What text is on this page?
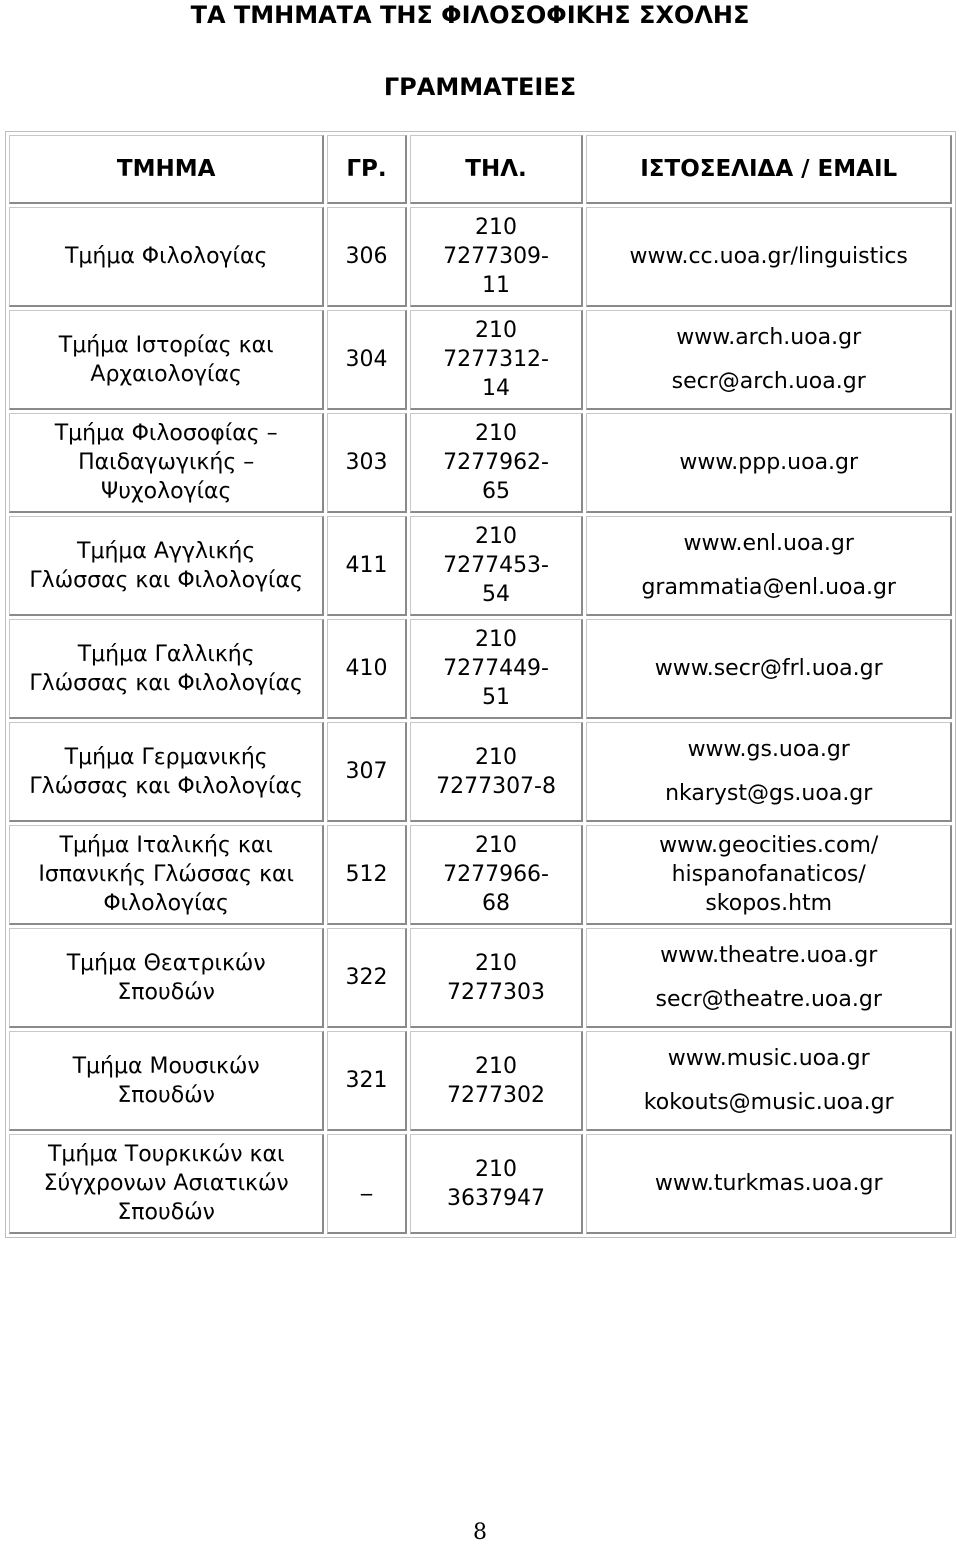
ΤΑ ΤΜΗΜΑΤΑ ΤΗΣ ΦΙΛΟΣΟΦΙΚΗΣ ΣΧΟΛΗΣ
ΓΡΑΜΜΑΤΕΙΕΣ
ΤΜΗΜΑ	ΓΡ.	ΤΗΛ.	ΙΣΤΟΣΕΛΙΔΑ / EMAIL

Τμήμα Φιλολογίας	306	210
7277309-
11	www.cc.uoa.gr/linguistics

Τμήμα Ιστορίας και
Αρχαιολογίας	304	210
7277312-
14	www.arch.uoa.gr
secr@arch.uoa.gr

Τμήμα Φιλοσοφίας –
Παιδαγωγικής –
Ψυχολογίας	303	210
7277962-
65	www.ppp.uoa.gr

Τμήμα Αγγλικής
Γλώσσας και Φιλολογίας	411	210
7277453-
54	www.enl.uoa.gr
grammatia@enl.uoa.gr

Τμήμα Γαλλικής
Γλώσσας και Φιλολογίας	410	210
7277449-
51	www.secr@frl.uoa.gr

Τμήμα Γερμανικής
Γλώσσας και Φιλολογίας	307	210
7277307-8	www.gs.uoa.gr
nkaryst@gs.uoa.gr

Τμήμα Ιταλικής και
Ισπανικής Γλώσσας και
Φιλολογίας	512	210
7277966-
68	www.geocities.com/
hispanofanaticos/
skopos.htm

Τμήμα Θεατρικών
Σπουδών	322	210
7277303	www.theatre.uoa.gr
secr@theatre.uoa.gr

Τμήμα Μουσικών
Σπουδών	321	210
7277302	www.music.uoa.gr
kokouts@music.uoa.gr

Τμήμα Τουρκικών και
Σύγχρονων Ασιατικών
Σπουδών	_	210
3637947	www.turkmas.uoa.gr
8
